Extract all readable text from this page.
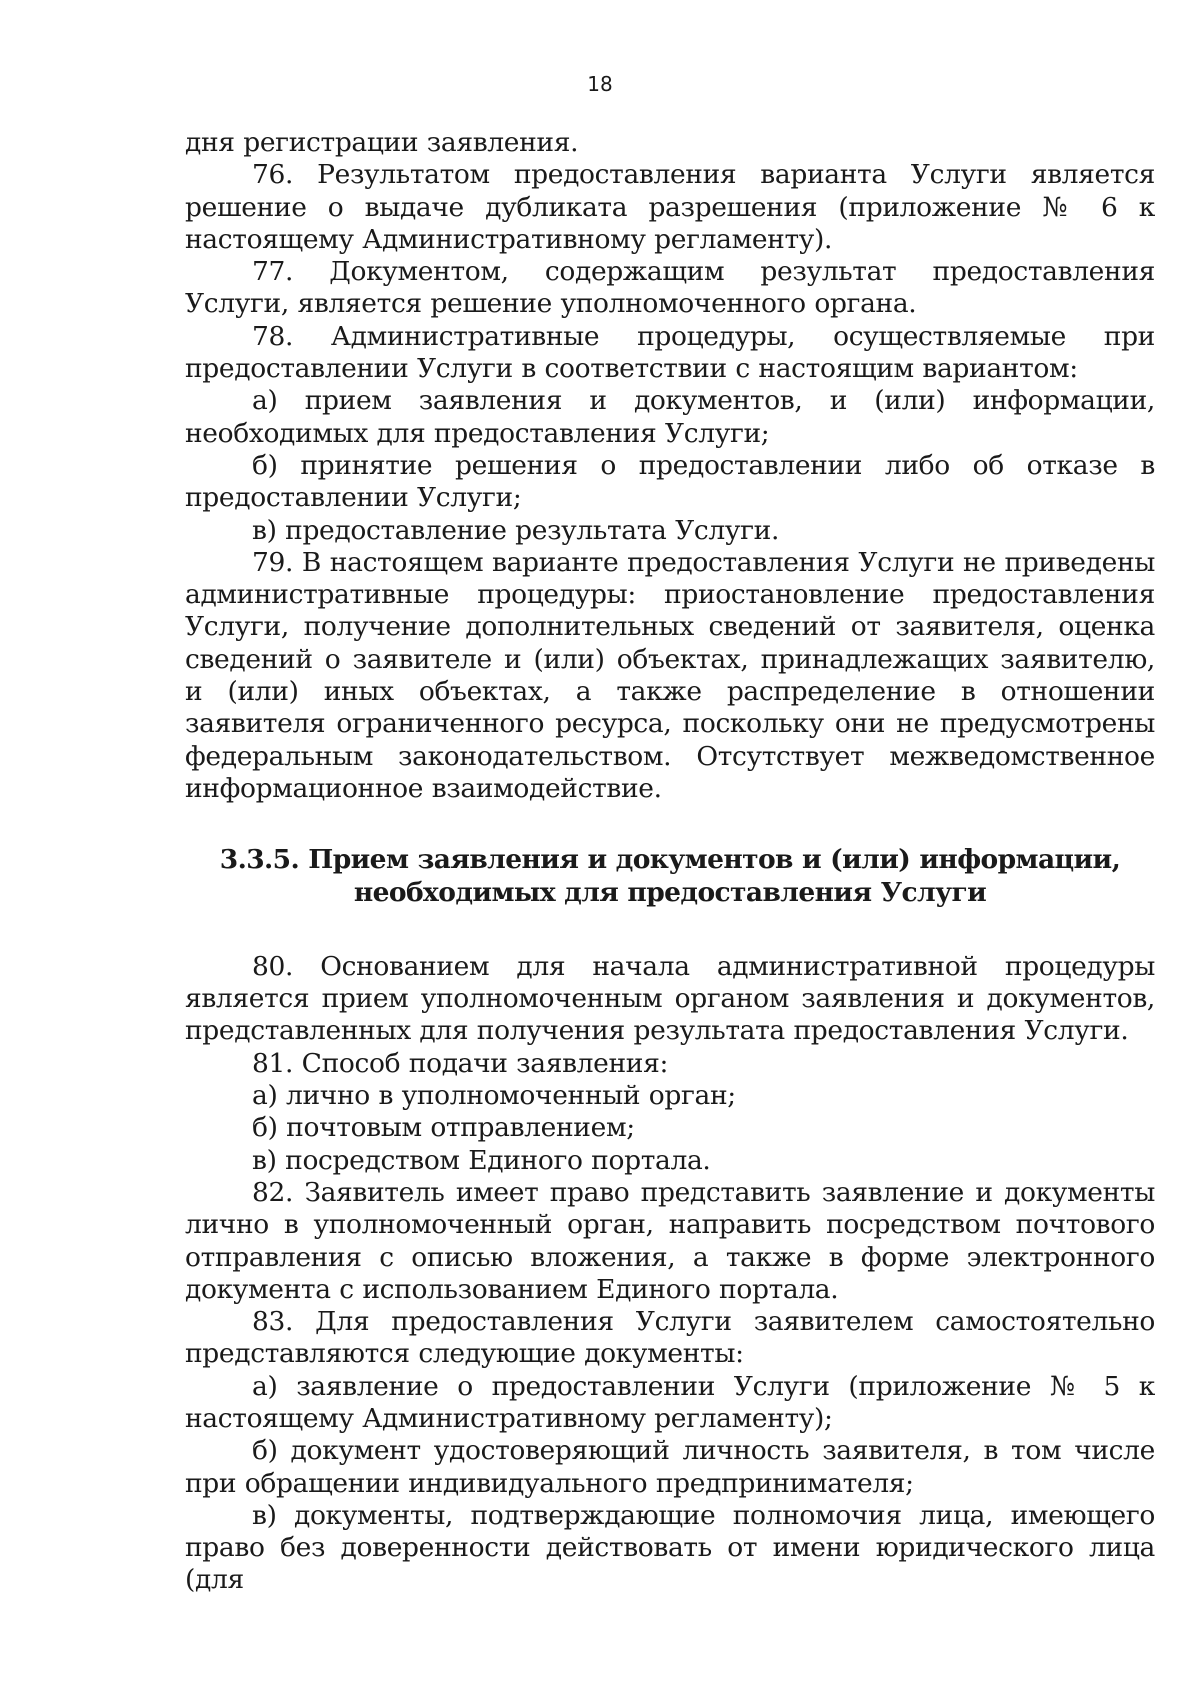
18

дня регистрации заявления.

76. Результатом предоставления варианта Услуги является решение о выдаче дубликата разрешения (приложение № 6 к настоящему Административному регламенту).

77. Документом, содержащим результат предоставления Услуги, является решение уполномоченного органа.

78. Административные процедуры, осуществляемые при предоставлении Услуги в соответствии с настоящим вариантом:

а) прием заявления и документов, и (или) информации, необходимых для предоставления Услуги;

б) принятие решения о предоставлении либо об отказе в предоставлении Услуги;

в) предоставление результата Услуги.

79. В настоящем варианте предоставления Услуги не приведены административные процедуры: приостановление предоставления Услуги, получение дополнительных сведений от заявителя, оценка сведений о заявителе и (или) объектах, принадлежащих заявителю, и (или) иных объектах, а также распределение в отношении заявителя ограниченного ресурса, поскольку они не предусмотрены федеральным законодательством. Отсутствует межведомственное информационное взаимодействие.

3.3.5. Прием заявления и документов и (или) информации,
необходимых для предоставления Услуги

80. Основанием для начала административной процедуры является прием уполномоченным органом заявления и документов, представленных для получения результата предоставления Услуги.

81. Способ подачи заявления:

а) лично в уполномоченный орган;

б) почтовым отправлением;

в) посредством Единого портала.

82. Заявитель имеет право представить заявление и документы лично в уполномоченный орган, направить посредством почтового отправления с описью вложения, а также в форме электронного документа с использованием Единого портала.

83. Для предоставления Услуги заявителем самостоятельно представляются следующие документы:

а) заявление о предоставлении Услуги (приложение № 5 к настоящему Административному регламенту);

б) документ удостоверяющий личность заявителя, в том числе при обращении индивидуального предпринимателя;

в) документы, подтверждающие полномочия лица, имеющего право без доверенности действовать от имени юридического лица (для
